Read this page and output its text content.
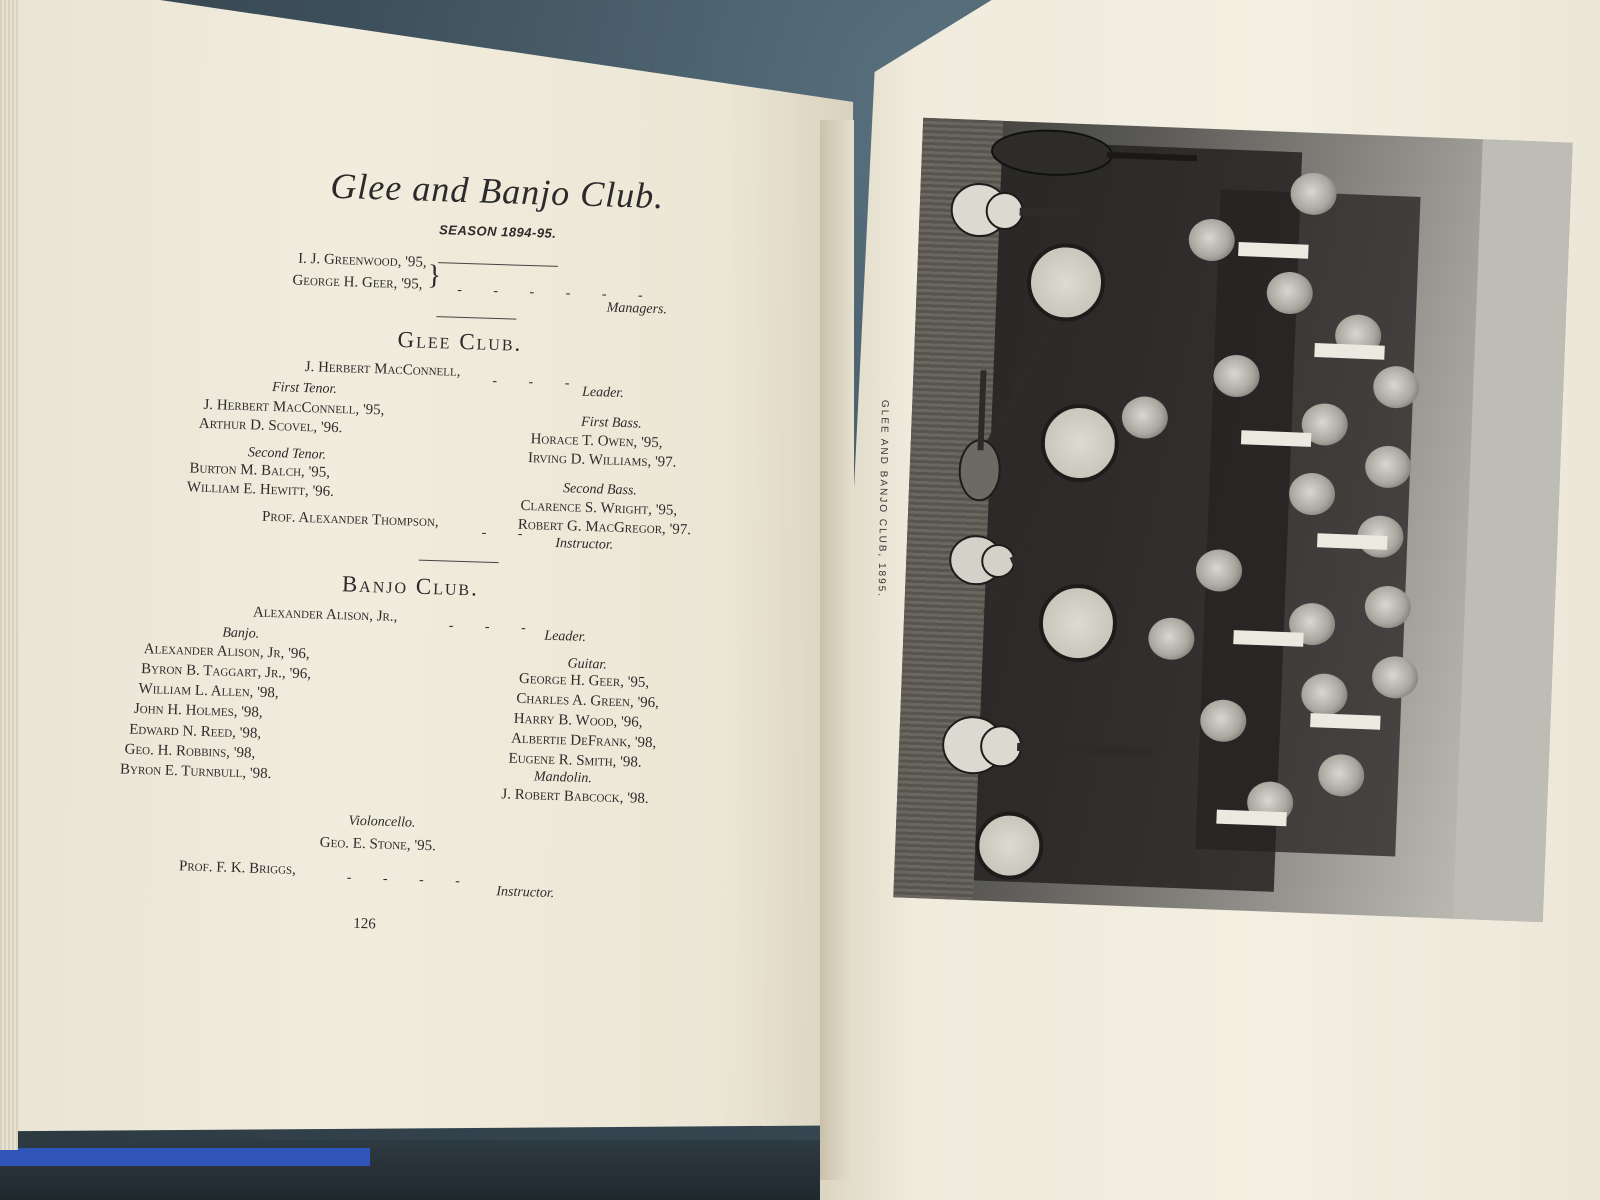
Glee and Banjo Club.
SEASON 1894-95.
I. J. Greenwood, '95,
George H. Geer, '95, }
- - - - - -
Managers.
Glee Club.
J. Herbert MacConnell,
- - -
Leader.
First Tenor.
J. Herbert MacConnell, '95,
Arthur D. Scovel, '96.	First Bass.
Horace T. Owen, '95,
Irving D. Williams, '97.
Second Tenor.
Burton M. Balch, '95,
William E. Hewitt, '96.	Second Bass.
Clarence S. Wright, '95,
Robert G. MacGregor, '97.
Prof. Alexander Thompson,
- -
Instructor.
Banjo Club.
Alexander Alison, Jr.,
- - -
Leader.
Banjo.
Alexander Alison, Jr, '96,
Byron B. Taggart, Jr., '96,
William L. Allen, '98,
John H. Holmes, '98,
Edward N. Reed, '98,
Geo. H. Robbins, '98,
Byron E. Turnbull, '98.
Guitar.
George H. Geer, '95,
Charles A. Green, '96,
Harry B. Wood, '96,
Albertie DeFrank, '98,
Eugene R. Smith, '98.
Mandolin.
J. Robert Babcock, '98.
Violoncello.
Geo. E. Stone, '95.
Prof. F. K. Briggs,
- - - -
Instructor.
126
